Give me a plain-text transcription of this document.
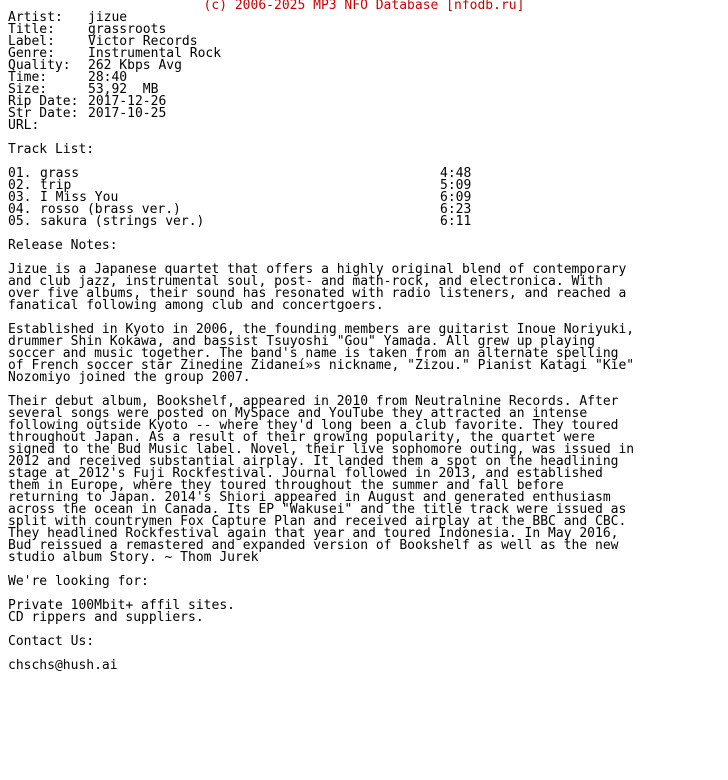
(c) 2006-2025 MP3 NFO Database [nfodb.ru]
Artist: jizue
Title:	grassroots
Label:	Victor Records
Genre:	Instrumental Rock
Quality: 262 Kbps Avg
Time:	28:40
Size:	53,92  MB
Rip Date: 2017-12-26
Str Date: 2017-10-25
URL:
Track List:
01. grass	4:48
02. trip	5:09
03. I Miss You	6:09
04. rosso (brass ver.)	6:23
05. sakura (strings ver.)	6:11
Release Notes:
Jizue is a Japanese quartet that offers a highly original blend of contemporary
and club jazz, instrumental soul, post- and math-rock, and electronica. With
over five albums, their sound has resonated with radio listeners, and reached a
fanatical following among club and concertgoers.
Established in Kyoto in 2006, the founding members are guitarist Inoue Noriyuki,
drummer Shin Kokawa, and bassist Tsuyoshi "Gou" Yamada. All grew up playing
soccer and music together. The band's name is taken from an alternate spelling
of French soccer star Zinedine Zidaneí»s nickname, "Zizou." Pianist Katagi "Kie"
Nozomiyo joined the group 2007.
Their debut album, Bookshelf, appeared in 2010 from Neutralnine Records. After
several songs were posted on MySpace and YouTube they attracted an intense
following outside Kyoto -- where they'd long been a club favorite. They toured
throughout Japan. As a result of their growing popularity, the quartet were
signed to the Bud Music label. Novel, their live sophomore outing, was issued in
2012 and received substantial airplay. It landed them a spot on the headlining
stage at 2012's Fuji Rockfestival. Journal followed in 2013, and established
them in Europe, where they toured throughout the summer and fall before
returning to Japan. 2014's Shiori appeared in August and generated enthusiasm
across the ocean in Canada. Its EP "Wakusei" and the title track were issued as
split with countrymen Fox Capture Plan and received airplay at the BBC and CBC.
They headlined Rockfestival again that year and toured Indonesia. In May 2016,
Bud reissued a remastered and expanded version of Bookshelf as well as the new
studio album Story. ~ Thom Jurek
We're looking for:
Private 100Mbit+ affil sites.
CD rippers and suppliers.
Contact Us:
chschs@hush.ai
